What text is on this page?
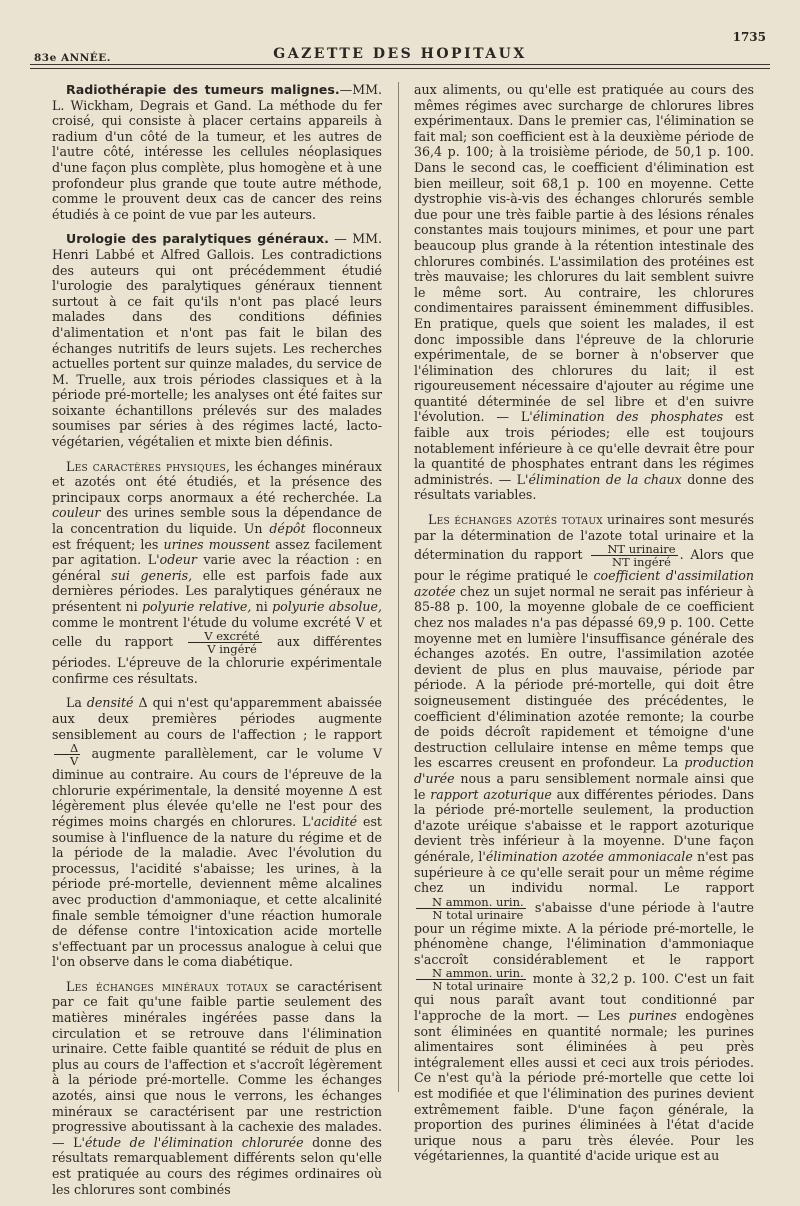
83e ANNÉE.	GAZETTE DES HOPITAUX
1735

Radiothérapie des tumeurs malignes.—MM. L. Wickham, Degrais et Gand. La méthode du fer croisé, qui consiste à placer certains appareils à radium d'un côté de la tumeur, et les autres de l'autre côté, intéresse les cellules néoplasiques d'une façon plus complète, plus homogène et à une profondeur plus grande que toute autre méthode, comme le prouvent deux cas de cancer des reins étudiés à ce point de vue par les auteurs.

Urologie des paralytiques généraux. — MM. Henri Labbé et Alfred Gallois. Les contradictions des auteurs qui ont précédemment étudié l'urologie des paralytiques généraux tiennent surtout à ce fait qu'ils n'ont pas placé leurs malades dans des conditions définies d'alimentation et n'ont pas fait le bilan des échanges nutritifs de leurs sujets. Les recherches actuelles portent sur quinze malades, du service de M. Truelle, aux trois périodes classiques et à la période pré-mortelle; les analyses ont été faites sur soixante échantillons prélevés sur des malades soumises par séries à des régimes lacté, lacto-végétarien, végétalien et mixte bien définis.

Les caractères physiques, les échanges minéraux et azotés ont été étudiés, et la présence des principaux corps anormaux a été recherchée. La couleur des urines semble sous la dépendance de la concentration du liquide. Un dépôt floconneux est fréquent; les urines moussent assez facilement par agitation. L'odeur varie avec la réaction : en général sui generis, elle est parfois fade aux dernières périodes. Les paralytiques généraux ne présentent ni polyurie relative, ni polyurie absolue, comme le montrent l'étude du volume excrété V et celle du rapport $\frac{\text{V excrété}}{\text{V ingéré}}$ aux différentes périodes. L'épreuve de la chlorurie expérimentale confirme ces résultats.

La densité Δ qui n'est qu'apparemment abaissée aux deux premières périodes augmente sensiblement au cours de l'affection ; le rapport
$\frac{\Delta}{V}$ augmente parallèlement, car le volume V diminue au contraire. Au cours de l'épreuve de la chlorurie expérimentale, la densité moyenne Δ est légèrement plus élevée qu'elle ne l'est pour des régimes moins chargés en chlorures. L'acidité est soumise à l'influence de la nature du régime et de la période de la maladie. Avec l'évolution du processus, l'acidité s'abaisse; les urines, à la période pré-mortelle, deviennent même alcalines avec production d'ammoniaque, et cette alcalinité finale semble témoigner d'une réaction humorale de défense contre l'intoxication acide mortelle s'effectuant par un processus analogue à celui que l'on observe dans le coma diabétique.

Les échanges minéraux totaux se caractérisent par ce fait qu'une faible partie seulement des matières minérales ingérées passe dans la circulation et se retrouve dans l'élimination urinaire. Cette faible quantité se réduit de plus en plus au cours de l'affection et s'accroît légèrement à la période pré-mortelle. Comme les échanges azotés, ainsi que nous le verrons, les échanges minéraux se caractérisent par une restriction progressive aboutissant à la cachexie des malades. — L'étude de l'élimination chlorurée donne des résultats remarquablement différents selon qu'elle est pratiquée au cours des régimes ordinaires où les chlorures sont combinés

aux aliments, ou qu'elle est pratiquée au cours des mêmes régimes avec surcharge de chlorures libres expérimentaux. Dans le premier cas, l'élimination se fait mal; son coefficient est à la deuxième période de 36,4 p. 100; à la troisième période, de 50,1 p. 100. Dans le second cas, le coefficient d'élimination est bien meilleur, soit 68,1 p. 100 en moyenne. Cette dystrophie vis-à-vis des échanges chlorurés semble due pour une très faible partie à des lésions rénales constantes mais toujours minimes, et pour une part beaucoup plus grande à la rétention intestinale des chlorures combinés. L'assimilation des protéines est très mauvaise; les chlorures du lait semblent suivre le même sort. Au contraire, les chlorures condimentaires paraissent éminemment diffusibles. En pratique, quels que soient les malades, il est donc impossible dans l'épreuve de la chlorurie expérimentale, de se borner à n'observer que l'élimination des chlorures du lait; il est rigoureusement nécessaire d'ajouter au régime une quantité déterminée de sel libre et d'en suivre l'évolution. — L'élimination des phosphates est faible aux trois périodes; elle est toujours notablement inférieure à ce qu'elle devrait être pour la quantité de phosphates entrant dans les régimes administrés. — L'élimination de la chaux donne des résultats variables.

Les échanges azotés totaux urinaires sont mesurés par la détermination de l'azote total urinaire et la détermination du rapport $\frac{\text{NT urinaire}}{\text{NT ingéré}}$ . Alors que pour le régime pratiqué le coefficient d'assimilation azotée chez un sujet normal ne serait pas inférieur à 85-88 p. 100, la moyenne globale de ce coefficient chez nos malades n'a pas dépassé 69,9 p. 100. Cette moyenne met en lumière l'insuffisance générale des échanges azotés. En outre, l'assimilation azotée devient de plus en plus mauvaise, période par période. A la période pré-mortelle, qui doit être soigneusement distinguée des précédentes, le coefficient d'élimination azotée remonte; la courbe de poids décroît rapidement et témoigne d'une destruction cellulaire intense en même temps que les escarres creusent en profondeur. La production d'urée nous a paru sensiblement normale ainsi que le rapport azoturique aux différentes périodes. Dans la période pré-mortelle seulement, la production d'azote uréique s'abaisse et le rapport azoturique devient très inférieur à la moyenne. D'une façon générale, l'élimination azotée ammoniacale n'est pas supérieure à ce qu'elle serait pour un même régime chez un individu normal. Le rapport
$\frac{\text{N ammon. urin.}}{\text{N total urinaire}}$ s'abaisse d'une période à l'autre pour un régime mixte. A la période pré-mortelle, le phénomène change, l'élimination d'ammoniaque s'accroît considérablement et le rapport
$\frac{\text{N ammon. urin.}}{\text{N total urinaire}}$ monte à 32,2 p. 100. C'est un fait qui nous paraît avant tout conditionné par l'approche de la mort. — Les purines endogènes sont éliminées en quantité normale; les purines alimentaires sont éliminées à peu près intégralement elles aussi et ceci aux trois périodes. Ce n'est qu'à la période pré-mortelle que cette loi est modifiée et que l'élimination des purines devient extrêmement faible. D'une façon générale, la proportion des purines éliminées à l'état d'acide urique nous a paru très élevée. Pour les végétariennes, la quantité d'acide urique est au
